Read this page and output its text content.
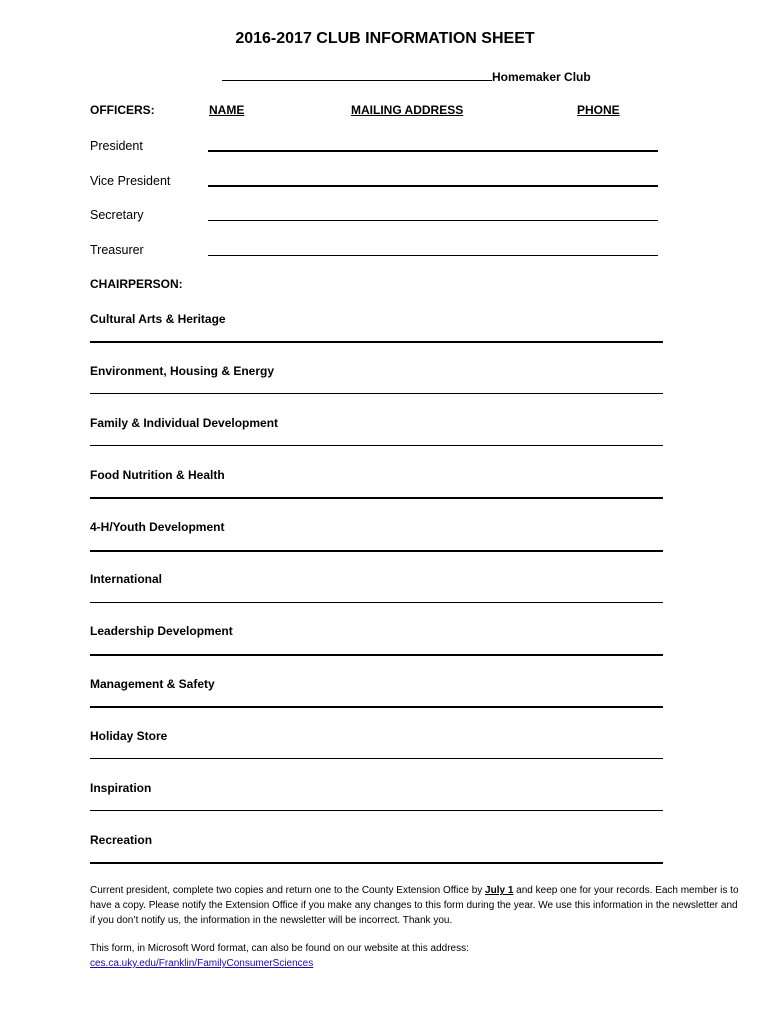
2016-2017 CLUB INFORMATION SHEET
Homemaker Club
OFFICERS:	NAME	MAILING ADDRESS	PHONE
President
Vice President
Secretary
Treasurer
CHAIRPERSON:
Cultural Arts & Heritage
Environment, Housing & Energy
Family & Individual Development
Food Nutrition & Health
4-H/Youth Development
International
Leadership Development
Management & Safety
Holiday Store
Inspiration
Recreation
Current president, complete two copies and return one to the County Extension Office by July 1 and keep one for your records. Each member is to have a copy. Please notify the Extension Office if you make any changes to this form during the year. We use this information in the newsletter and if you don’t notify us, the information in the newsletter will be incorrect. Thank you.
This form, in Microsoft Word format, can also be found on our website at this address:
ces.ca.uky.edu/Franklin/FamilyConsumerSciences
